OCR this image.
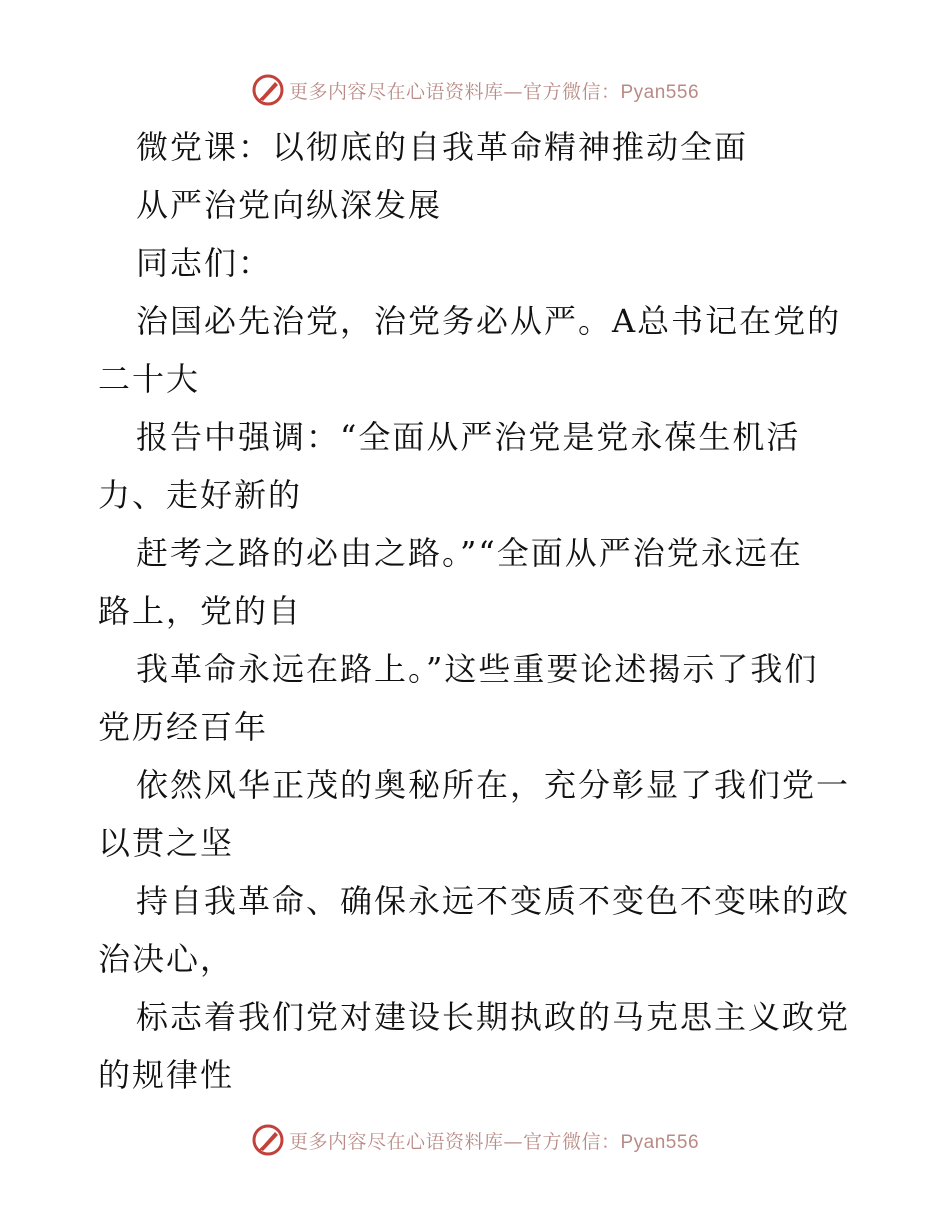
更多内容尽在心语资料库—官方微信：Pyan556
微党课：以彻底的自我革命精神推动全面
从严治党向纵深发展
同志们：
治国必先治党，治党务必从严。A总书记在党的
二十大
报告中强调：“全面从严治党是党永葆生机活
力、走好新的
赶考之路的必由之路。”“全面从严治党永远在
路上，党的自
我革命永远在路上。”这些重要论述揭示了我们
党历经百年
依然风华正茂的奥秘所在，充分彰显了我们党一
以贯之坚
持自我革命、确保永远不变质不变色不变味的政
治决心，
标志着我们党对建设长期执政的马克思主义政党
的规律性
更多内容尽在心语资料库—官方微信：Pyan556
